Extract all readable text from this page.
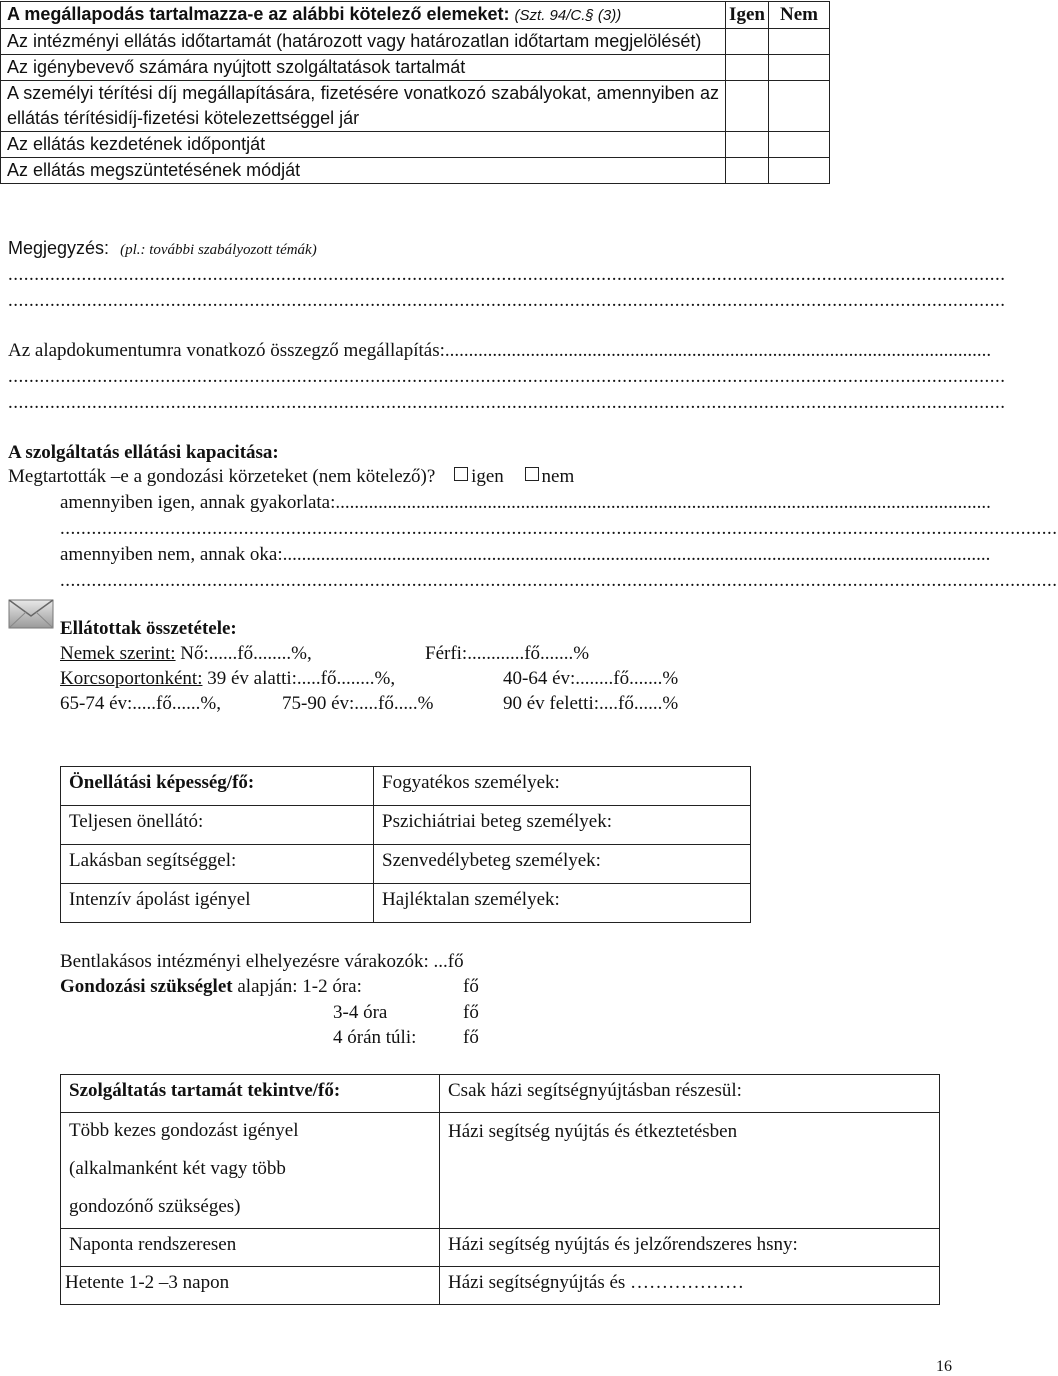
A megállapodás tartalmazza-e az alábbi kötelező elemeket: (Szt. 94/C.§ (3))	Igen	Nem
Az intézményi ellátás időtartamát (határozott vagy határozatlan időtartam megjelölését)		
Az igénybevevő számára nyújtott szolgáltatások tartalmát		
A személyi térítési díj megállapítására, fizetésére vonatkozó szabályokat, amennyiben az ellátás térítésidíj-fizetési kötelezettséggel jár		
Az ellátás kezdetének időpontját		
Az ellátás megszüntetésének módját		
Megjegyzés: (pl.: további szabályozott témák)
..............................................................................................................................................................................................
..............................................................................................................................................................................................
Az alapdokumentumra vonatkozó összegző megállapítás:...................................................................................................................
..............................................................................................................................................................................................
..............................................................................................................................................................................................
A szolgáltatás ellátási kapacitása:
Megtartották –e a gondozási körzeteket (nem kötelező)? igen nem
amennyiben igen, annak gyakorlata:..........................................................................................................................................
..............................................................................................................................................................................................
amennyiben nem, annak oka:.....................................................................................................................................................
..............................................................................................................................................................................................
Ellátottak összetétele:
Nemek szerint: Nő:......fő........%,	Férfi:............fő.......%
Korcsoportonként: 39 év alatti:.....fő........%,	40-64 év:........fő.......%
65-74 év:.....fő......%,	75-90 év:.....fő.....%	90 év feletti:....fő......%
Önellátási képesség/fő:	Fogyatékos személyek:
Teljesen önellátó:	Pszichiátriai beteg személyek:
Lakásban segítséggel:	Szenvedélybeteg személyek:
Intenzív ápolást igényel	Hajléktalan személyek:
Bentlakásos intézményi elhelyezésre várakozók: ...fő
Gondozási szükséglet alapján: 1-2 óra:	fő
3-4 óra	fő
4 órán túli: fő
Szolgáltatás tartamát tekintve/fő:	Csak házi segítségnyújtásban részesül:

Több kezes gondozást igényel
(alkalmanként két vagy több
gondozónő szükséges)	Házi segítség nyújtás és étkeztetésben
Naponta rendszeresen	Házi segítség nyújtás és jelzőrendszeres hsny:
Hetente 1-2 –3 napon	Házi segítségnyújtás és ………………
16
